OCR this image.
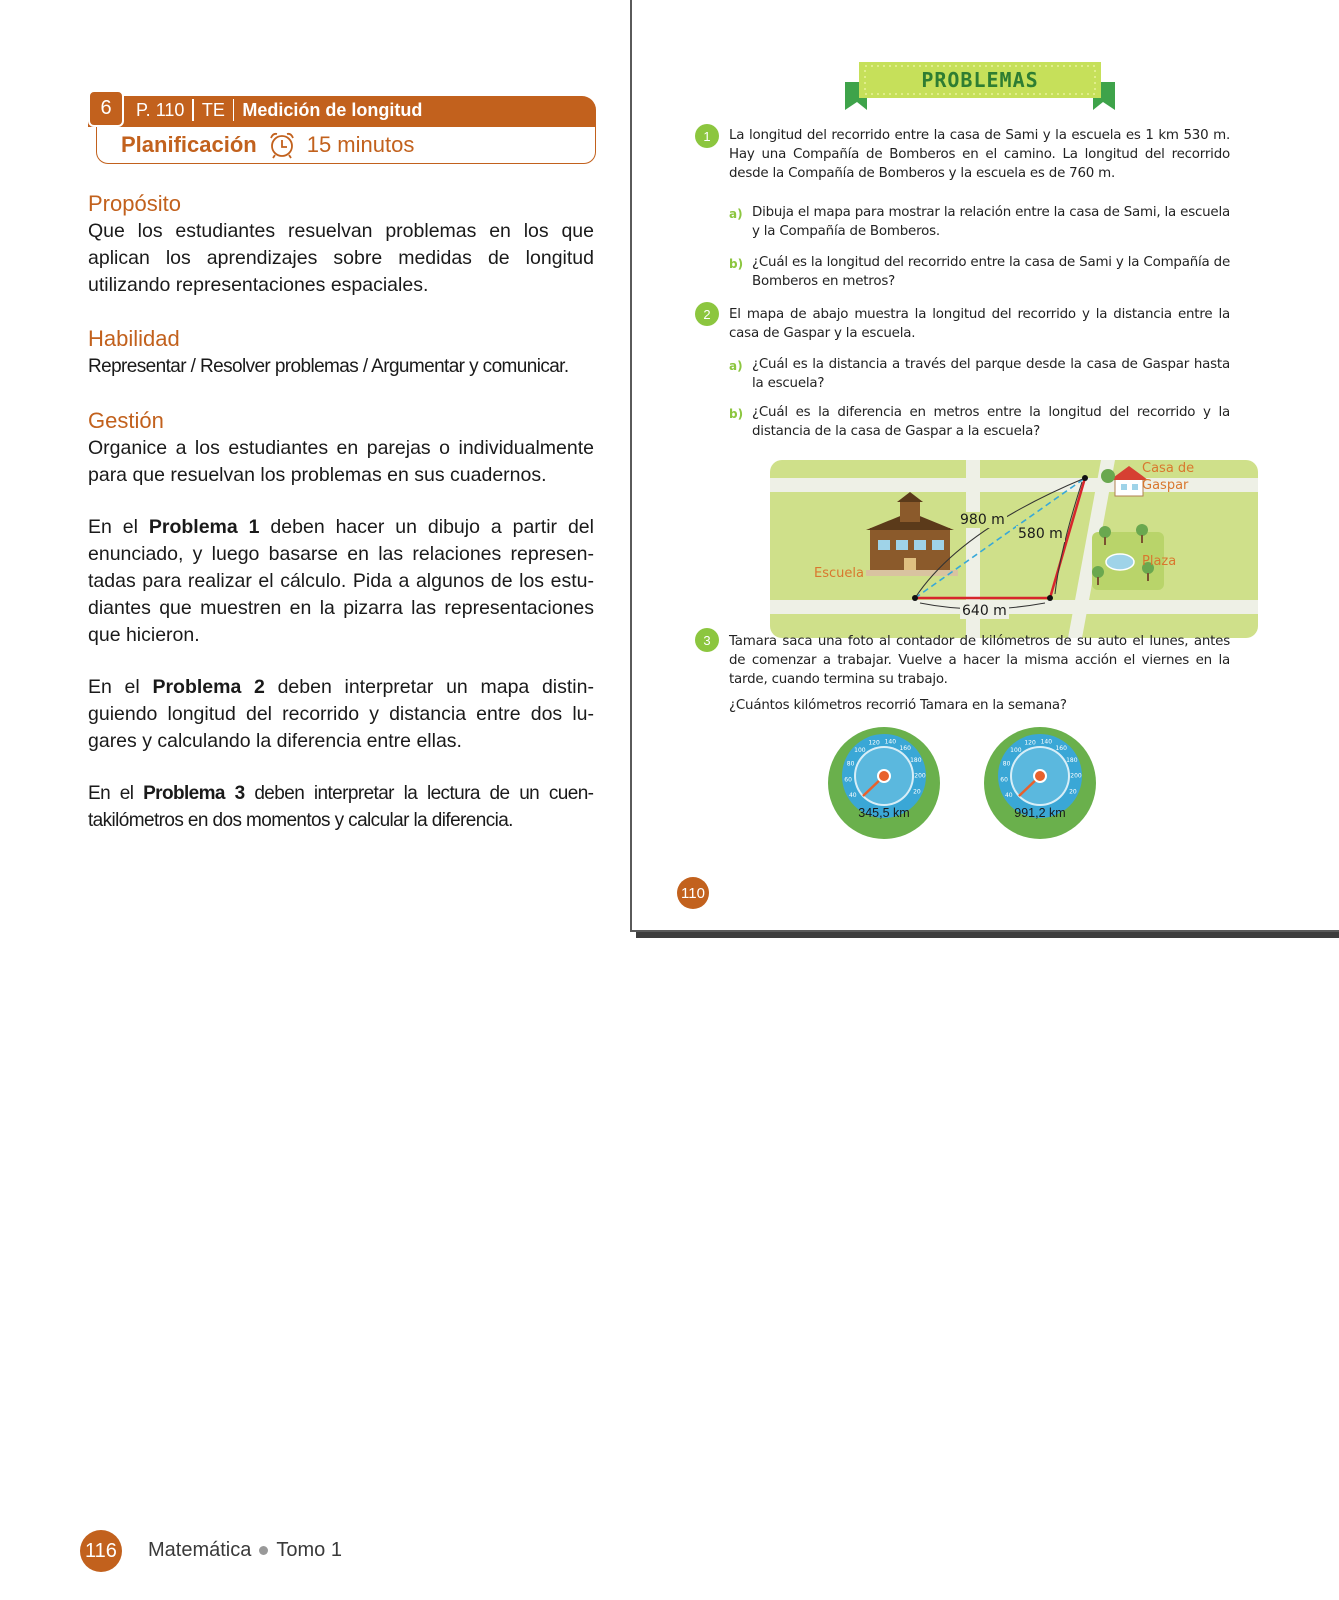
6	P. 110 TE Medición de longitud
Planificación 15 minutos
Propósito
Que los estudiantes resuelvan problemas en los que aplican los aprendizajes sobre medidas de longitud utilizando representaciones espaciales.
Habilidad
Representar / Resolver problemas / Argumentar y comunicar.
Gestión
Organice a los estudiantes en parejas o individualmente para que resuelvan los problemas en sus cuadernos.
En el Problema 1 deben hacer un dibujo a partir del enunciado, y luego basarse en las relaciones representadas para realizar el cálculo. Pida a algunos de los estudiantes que muestren en la pizarra las representaciones que hicieron.
En el Problema 2 deben interpretar un mapa distinguiendo longitud del recorrido y distancia entre dos lugares y calculando la diferencia entre ellas.
En el Problema 3 deben interpretar la lectura de un cuentakilómetros en dos momentos y calcular la diferencia.
116 Matemática Tomo 1
PROBLEMAS
1	La longitud del recorrido entre la casa de Sami y la escuela es 1 km 530 m. Hay una Compañía de Bomberos en el camino. La longitud del recorrido desde la Compañía de Bomberos y la escuela es de 760 m.
a) Dibuja el mapa para mostrar la relación entre la casa de Sami, la escuela y la Compañía de Bomberos.
b) ¿Cuál es la longitud del recorrido entre la casa de Sami y la Compañía de Bomberos en metros?
2	El mapa de abajo muestra la longitud del recorrido y la distancia entre la casa de Gaspar y la escuela.
a) ¿Cuál es la distancia a través del parque desde la casa de Gaspar hasta la escuela?
b) ¿Cuál es la diferencia en metros entre la longitud del recorrido y la distancia de la casa de Gaspar a la escuela?
Casa de
Gaspar
Escuela
Plaza
980 m
580 m
640 m
3	Tamara saca una foto al contador de kilómetros de su auto el lunes, antes de comenzar a trabajar. Vuelve a hacer la misma acción el viernes en la tarde, cuando termina su trabajo.
¿Cuántos kilómetros recorrió Tamara en la semana?
40
60
80
100
120 140
160
180
200
20
345,5 km
40
60
80
100
120 140
160
180
200
20
991,2 km
110
